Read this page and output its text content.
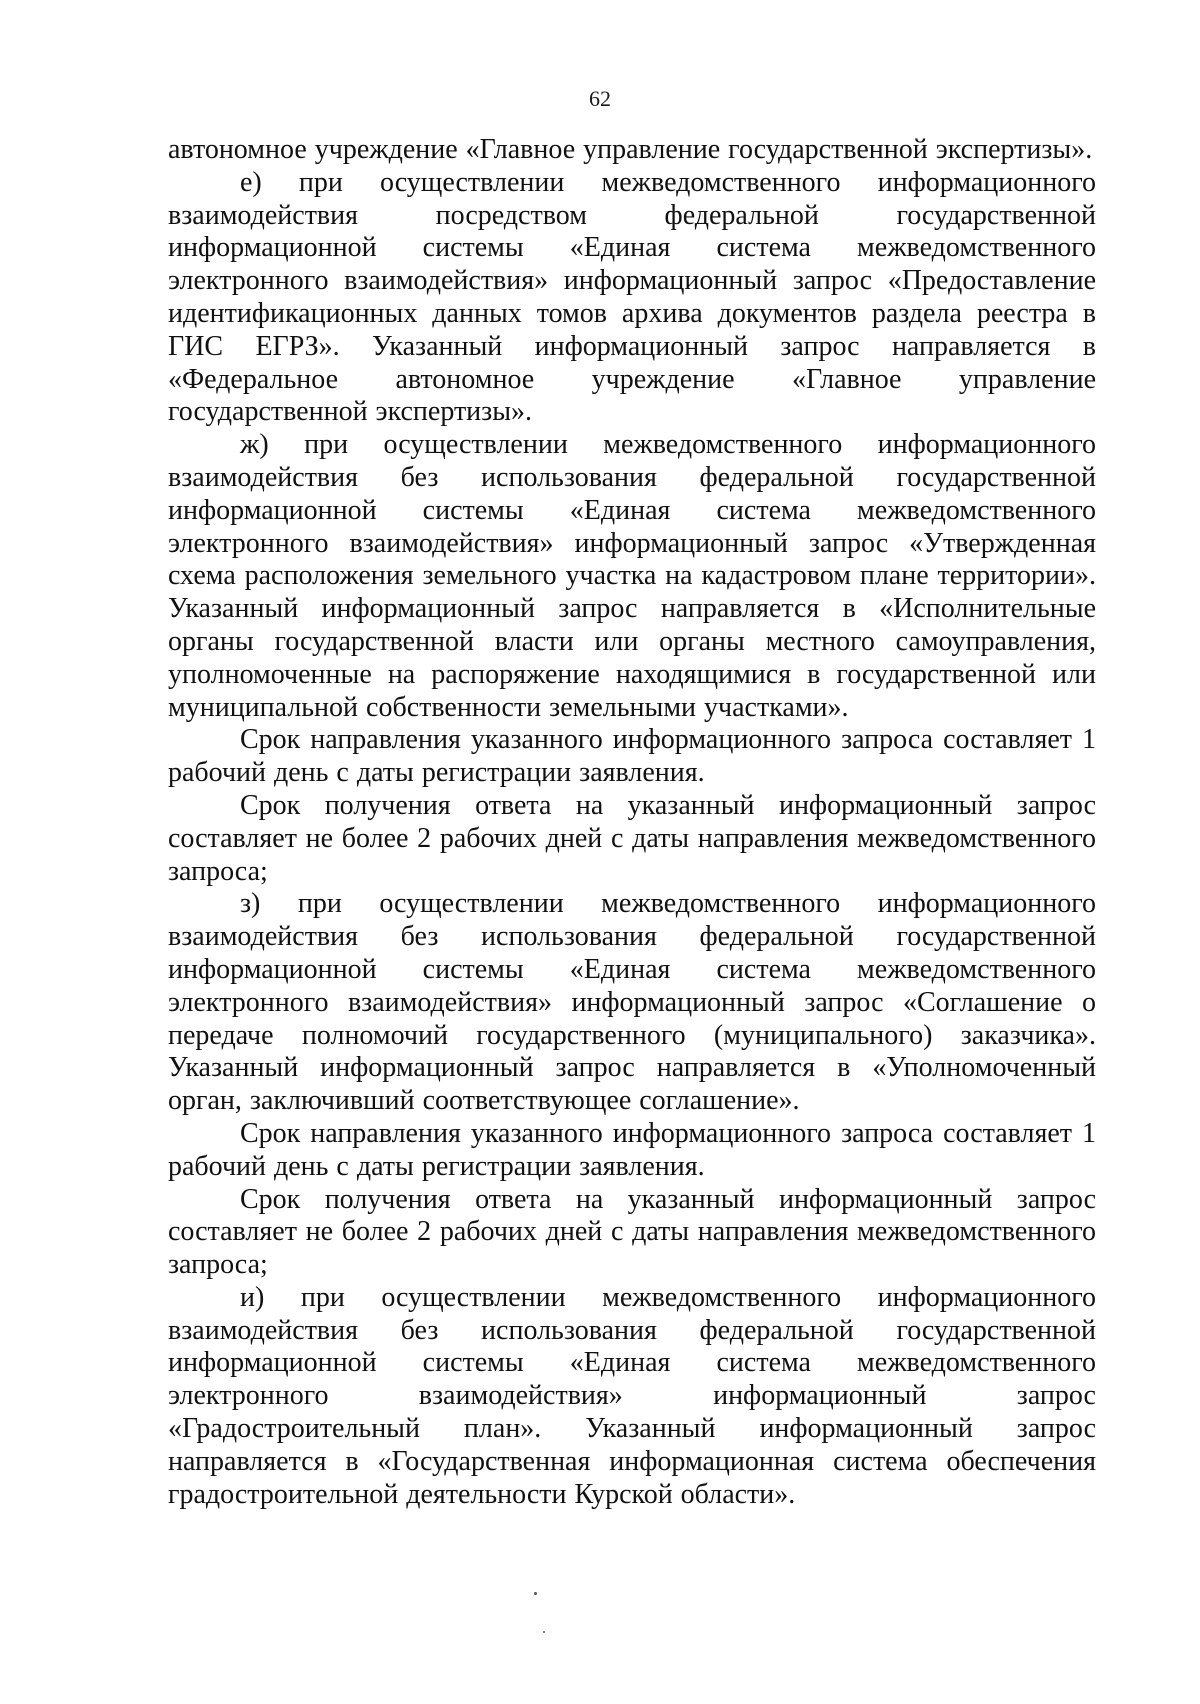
62

автономное учреждение «Главное управление государственной экспертизы».

е) при осуществлении межведомственного информационного взаимодействия посредством федеральной государственной информационной системы «Единая система межведомственного электронного взаимодействия» информационный запрос «Предоставление идентификационных данных томов архива документов раздела реестра в ГИС ЕГРЗ». Указанный информационный запрос направляется в «Федеральное автономное учреждение «Главное управление государственной экспертизы».

ж) при осуществлении межведомственного информационного взаимодействия без использования федеральной государственной информационной системы «Единая система межведомственного электронного взаимодействия» информационный запрос «Утвержденная схема расположения земельного участка на кадастровом плане территории». Указанный информационный запрос направляется в «Исполнительные органы государственной власти или органы местного самоуправления, уполномоченные на распоряжение находящимися в государственной или муниципальной собственности земельными участками».

Срок направления указанного информационного запроса составляет 1 рабочий день с даты регистрации заявления.

Срок получения ответа на указанный информационный запрос составляет не более 2 рабочих дней с даты направления межведомственного запроса;

з) при осуществлении межведомственного информационного взаимодействия без использования федеральной государственной информационной системы «Единая система межведомственного электронного взаимодействия» информационный запрос «Соглашение о передаче полномочий государственного (муниципального) заказчика». Указанный информационный запрос направляется в «Уполномоченный орган, заключивший соответствующее соглашение».

Срок направления указанного информационного запроса составляет 1 рабочий день с даты регистрации заявления.

Срок получения ответа на указанный информационный запрос составляет не более 2 рабочих дней с даты направления межведомственного запроса;

и) при осуществлении межведомственного информационного взаимодействия без использования федеральной государственной информационной системы «Единая система межведомственного электронного взаимодействия» информационный запрос «Градостроительный план». Указанный информационный запрос направляется в «Государственная информационная система обеспечения градостроительной деятельности Курской области».
